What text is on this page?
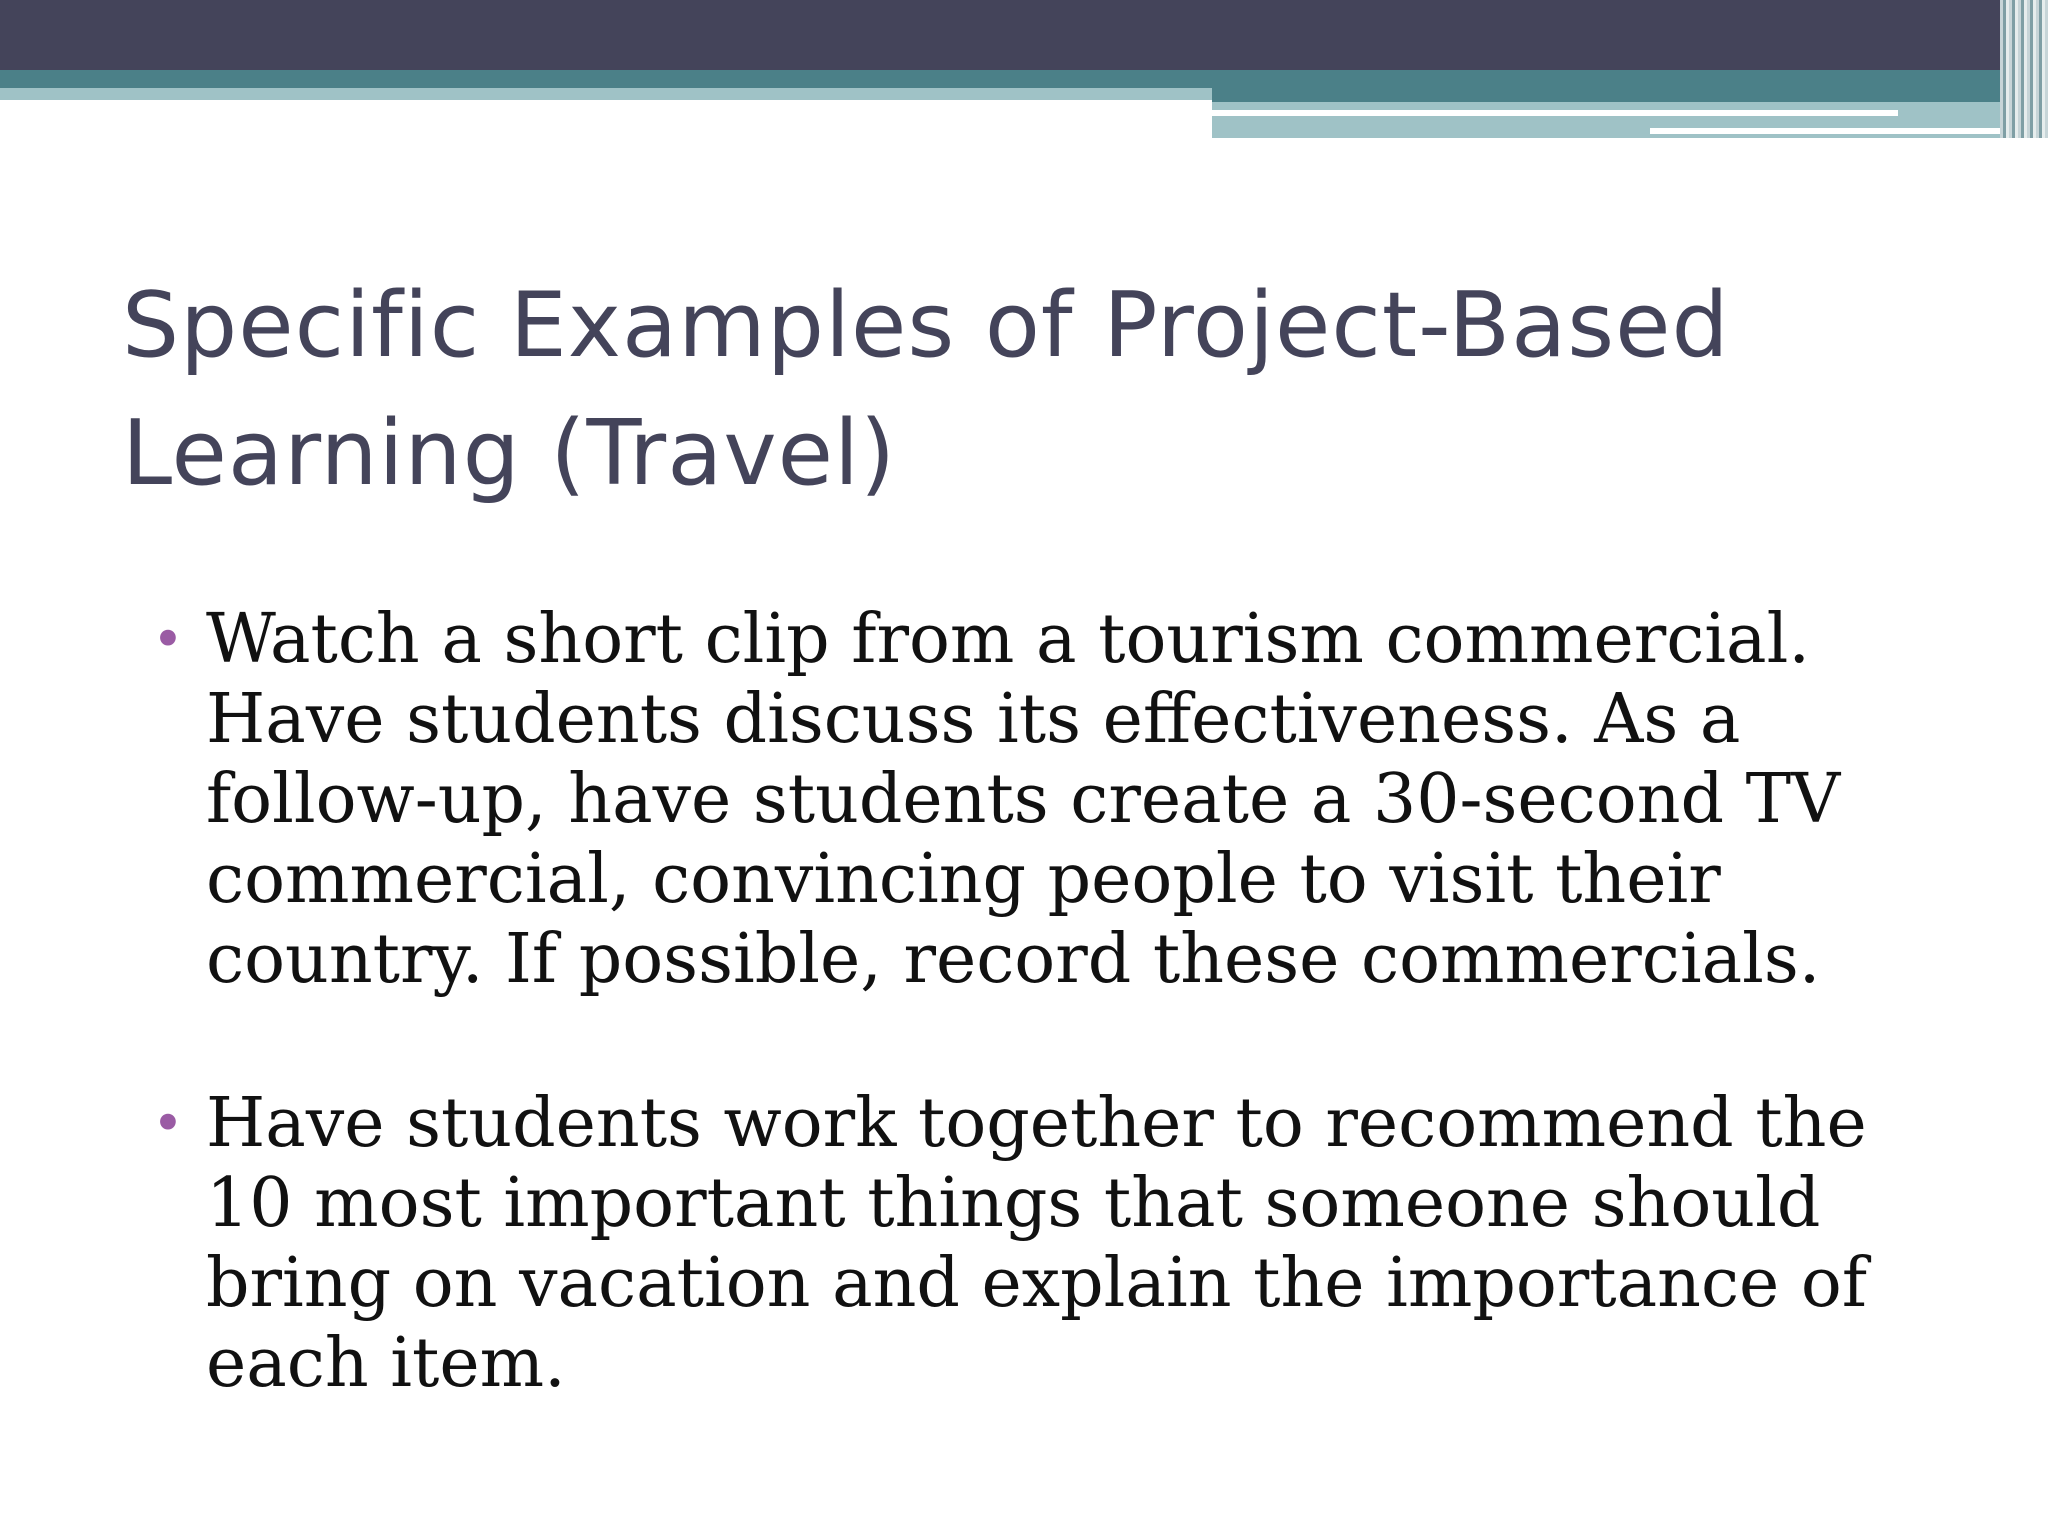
Specific Examples of Project-Based Learning (Travel)
• Watch a short clip from a tourism commercial. Have students discuss its effectiveness. As a follow-up, have students create a 30-second TV commercial, convincing people to visit their country. If possible, record these commercials.
• Have students work together to recommend the 10 most important things that someone should bring on vacation and explain the importance of each item.
